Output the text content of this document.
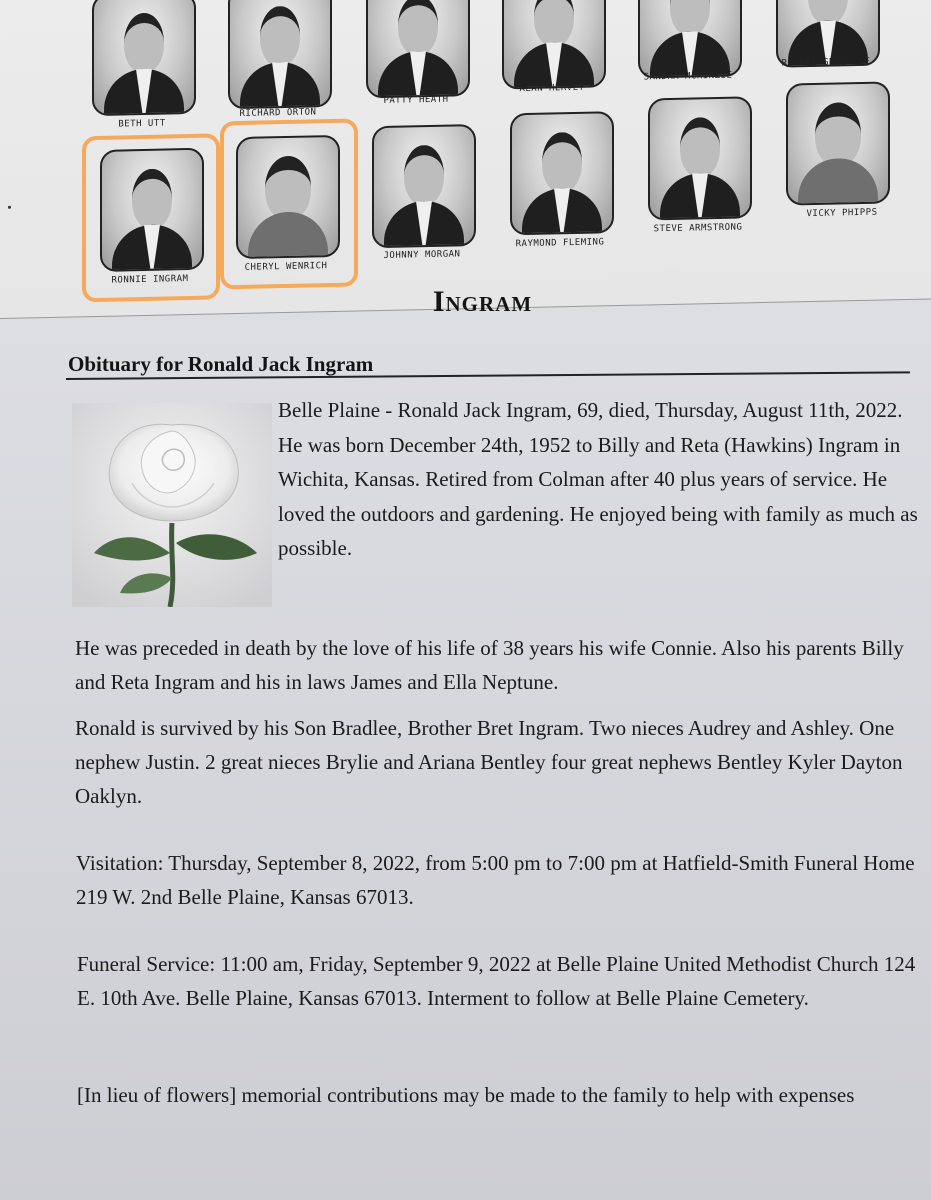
BETH UTT
RICHARD ORTON
PATTY HEATH
ALAN HERVEY
SANDRA McKINZIE
RONNIE GREENLEE
RONNIE INGRAM
CHERYL WENRICH
JOHNNY MORGAN
RAYMOND FLEMING
STEVE ARMSTRONG
VICKY PHIPPS
Ingram
Obituary for Ronald Jack Ingram

Belle Plaine - Ronald Jack Ingram, 69, died, Thursday, August 11th, 2022. He was born December 24th, 1952 to Billy and Reta (Hawkins) Ingram in Wichita, Kansas. Retired from Colman after 40 plus years of service. He loved the outdoors and gardening. He enjoyed being with family as much as possible.

He was preceded in death by the love of his life of 38 years his wife Connie. Also his parents Billy and Reta Ingram and his in laws James and Ella Neptune.

Ronald is survived by his Son Bradlee, Brother Bret Ingram. Two nieces Audrey and Ashley. One nephew Justin. 2 great nieces Brylie and Ariana Bentley four great nephews Bentley Kyler Dayton Oaklyn.

Visitation: Thursday, September 8, 2022, from 5:00 pm to 7:00 pm at Hatfield-Smith Funeral Home 219 W. 2nd Belle Plaine, Kansas 67013.

Funeral Service: 11:00 am, Friday, September 9, 2022 at Belle Plaine United Methodist Church 124 E. 10th Ave. Belle Plaine, Kansas 67013. Interment to follow at Belle Plaine Cemetery.

[In lieu of flowers] memorial contributions may be made to the family to help with expenses
